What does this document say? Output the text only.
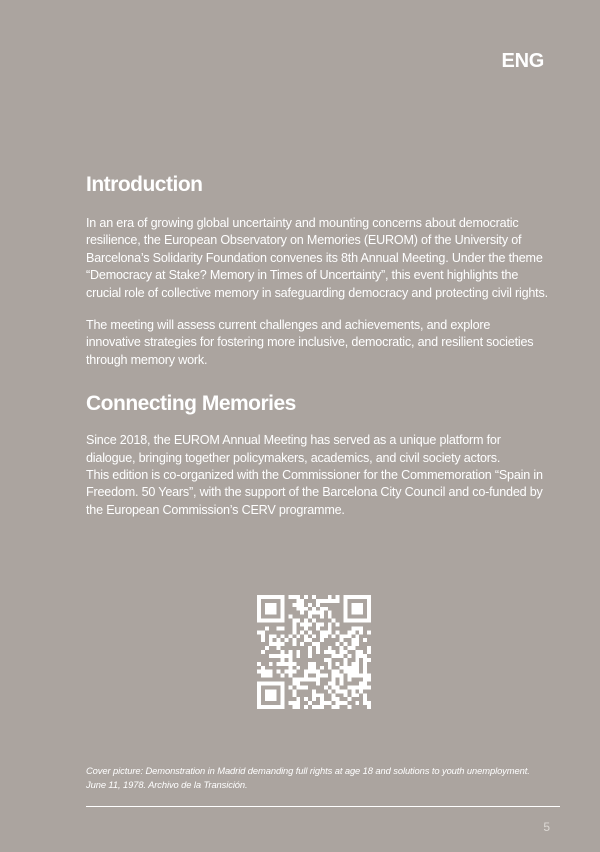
ENG
Introduction

In an era of growing global uncertainty and mounting concerns about democratic resilience, the European Observatory on Memories (EUROM) of the University of Barcelona’s Solidarity Foundation convenes its 8th Annual Meeting. Under the theme “Democracy at Stake? Memory in Times of Uncertainty”, this event highlights the crucial role of collective memory in safeguarding democracy and protecting civil rights.

The meeting will assess current challenges and achievements, and explore innovative strategies for fostering more inclusive, democratic, and resilient societies through memory work.

Connecting Memories

Since 2018, the EUROM Annual Meeting has served as a unique platform for dialogue, bringing together policymakers, academics, and civil society actors.

This edition is co-organized with the Commissioner for the Commemoration “Spain in Freedom. 50 Years”, with the support of the Barcelona City Council and co-funded by the European Commission’s CERV programme.

Cover picture: Demonstration in Madrid demanding full rights at age 18 and solutions to youth unemployment. June 11, 1978. Archivo de la Transición.
5
